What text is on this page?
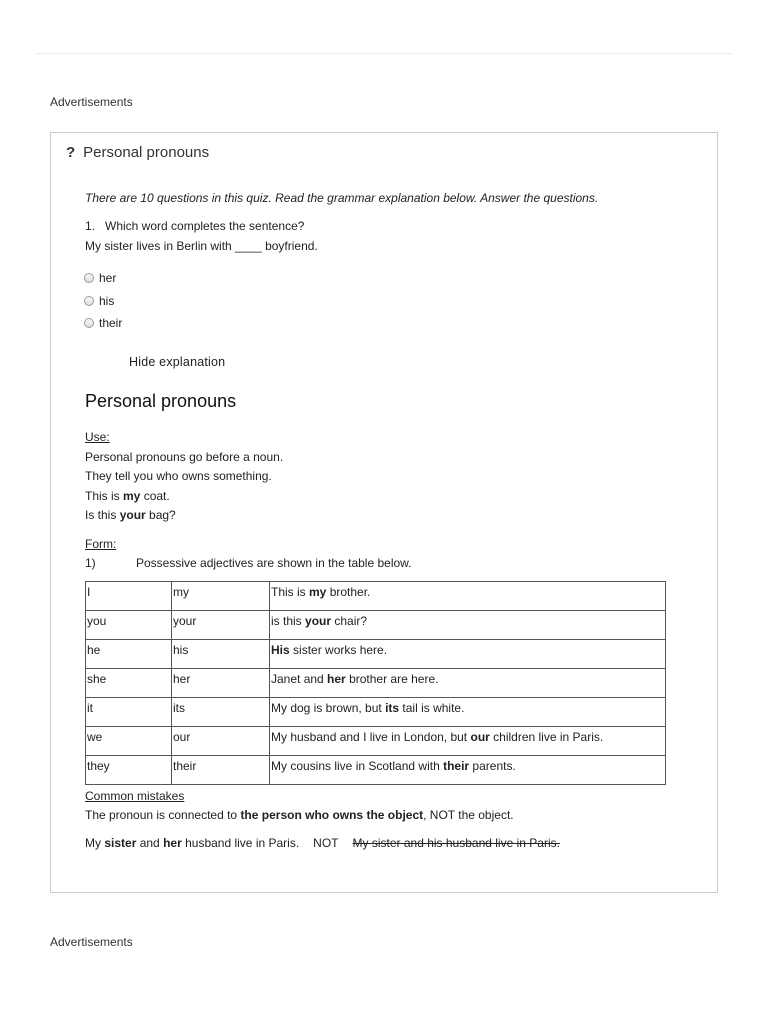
Advertisements
? Personal pronouns
There are 10 questions in this quiz. Read the grammar explanation below. Answer the questions.
1. Which word completes the sentence?
My sister lives in Berlin with ____ boyfriend.
her
his
their
Hide explanation
Personal pronouns
Use:
Personal pronouns go before a noun.
They tell you who owns something.
This is my coat.
Is this your bag?
Form:
1)	Possessive adjectives are shown in the table below.
I	my	This is my brother.
you	your	is this your chair?
he	his	His sister works here.
she	her	Janet and her brother are here.
it	its	My dog is brown, but its tail is white.
we	our	My husband and I live in London, but our children live in Paris.
they	their	My cousins live in Scotland with their parents.
Common mistakes
The pronoun is connected to the person who owns the object, NOT the object.
My sister and her husband live in Paris. NOT My sister and his husband live in Paris.
Advertisements
